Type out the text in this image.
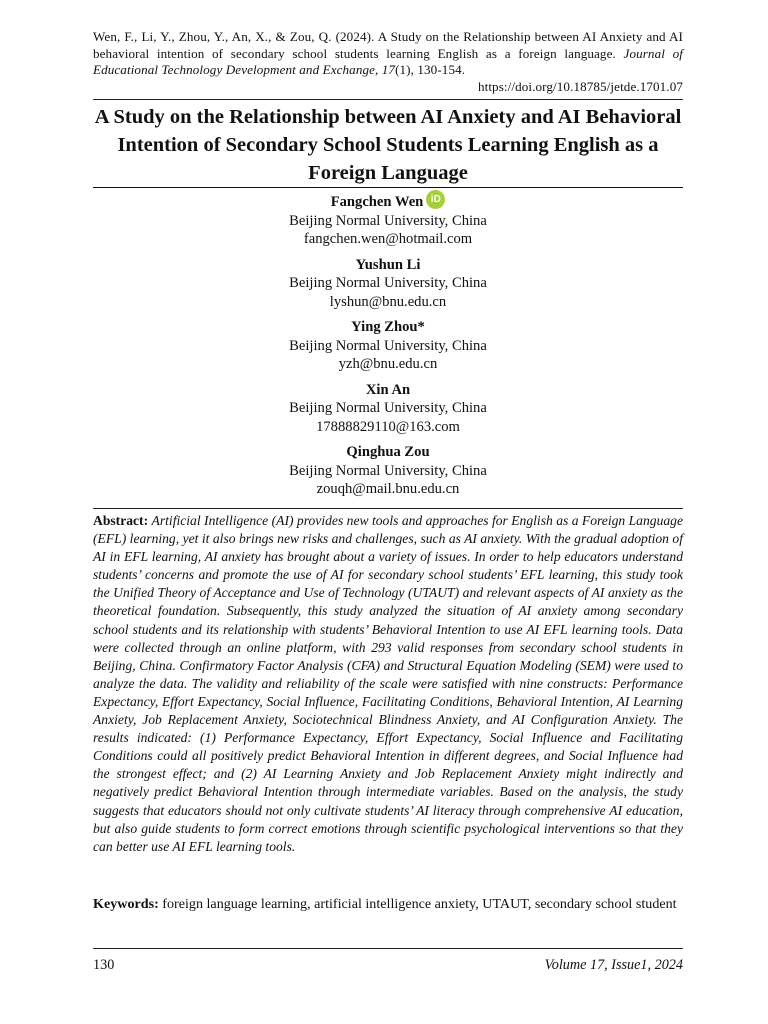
Wen, F., Li, Y., Zhou, Y., An, X., & Zou, Q. (2024). A Study on the Relationship between AI Anxiety and AI behavioral intention of secondary school students learning English as a foreign language. Journal of Educational Technology Development and Exchange, 17(1), 130-154.
https://doi.org/10.18785/jetde.1701.07
A Study on the Relationship between AI Anxiety and AI Behavioral Intention of Secondary School Students Learning English as a Foreign Language
Fangchen Wen iD
Beijing Normal University, China
fangchen.wen@hotmail.com
Yushun Li
Beijing Normal University, China
lyshun@bnu.edu.cn
Ying Zhou*
Beijing Normal University, China
yzh@bnu.edu.cn
Xin An
Beijing Normal University, China
17888829110@163.com
Qinghua Zou
Beijing Normal University, China
zouqh@mail.bnu.edu.cn
Abstract: Artificial Intelligence (AI) provides new tools and approaches for English as a Foreign Language (EFL) learning, yet it also brings new risks and challenges, such as AI anxiety. With the gradual adoption of AI in EFL learning, AI anxiety has brought about a variety of issues. In order to help educators understand students’ concerns and promote the use of AI for secondary school students’ EFL learning, this study took the Unified Theory of Acceptance and Use of Technology (UTAUT) and relevant aspects of AI anxiety as the theoretical foundation. Subsequently, this study analyzed the situation of AI anxiety among secondary school students and its relationship with students’ Behavioral Intention to use AI EFL learning tools. Data were collected through an online platform, with 293 valid responses from secondary school students in Beijing, China. Confirmatory Factor Analysis (CFA) and Structural Equation Modeling (SEM) were used to analyze the data. The validity and reliability of the scale were satisfied with nine constructs: Performance Expectancy, Effort Expectancy, Social Influence, Facilitating Conditions, Behavioral Intention, AI Learning Anxiety, Job Replacement Anxiety, Sociotechnical Blindness Anxiety, and AI Configuration Anxiety. The results indicated: (1) Performance Expectancy, Effort Expectancy, Social Influence and Facilitating Conditions could all positively predict Behavioral Intention in different degrees, and Social Influence had the strongest effect; and (2) AI Learning Anxiety and Job Replacement Anxiety might indirectly and negatively predict Behavioral Intention through intermediate variables. Based on the analysis, the study suggests that educators should not only cultivate students’ AI literacy through comprehensive AI education, but also guide students to form correct emotions through scientific psychological interventions so that they can better use AI EFL learning tools.
Keywords: foreign language learning, artificial intelligence anxiety, UTAUT, secondary school student
130	Volume 17, Issue1, 2024
